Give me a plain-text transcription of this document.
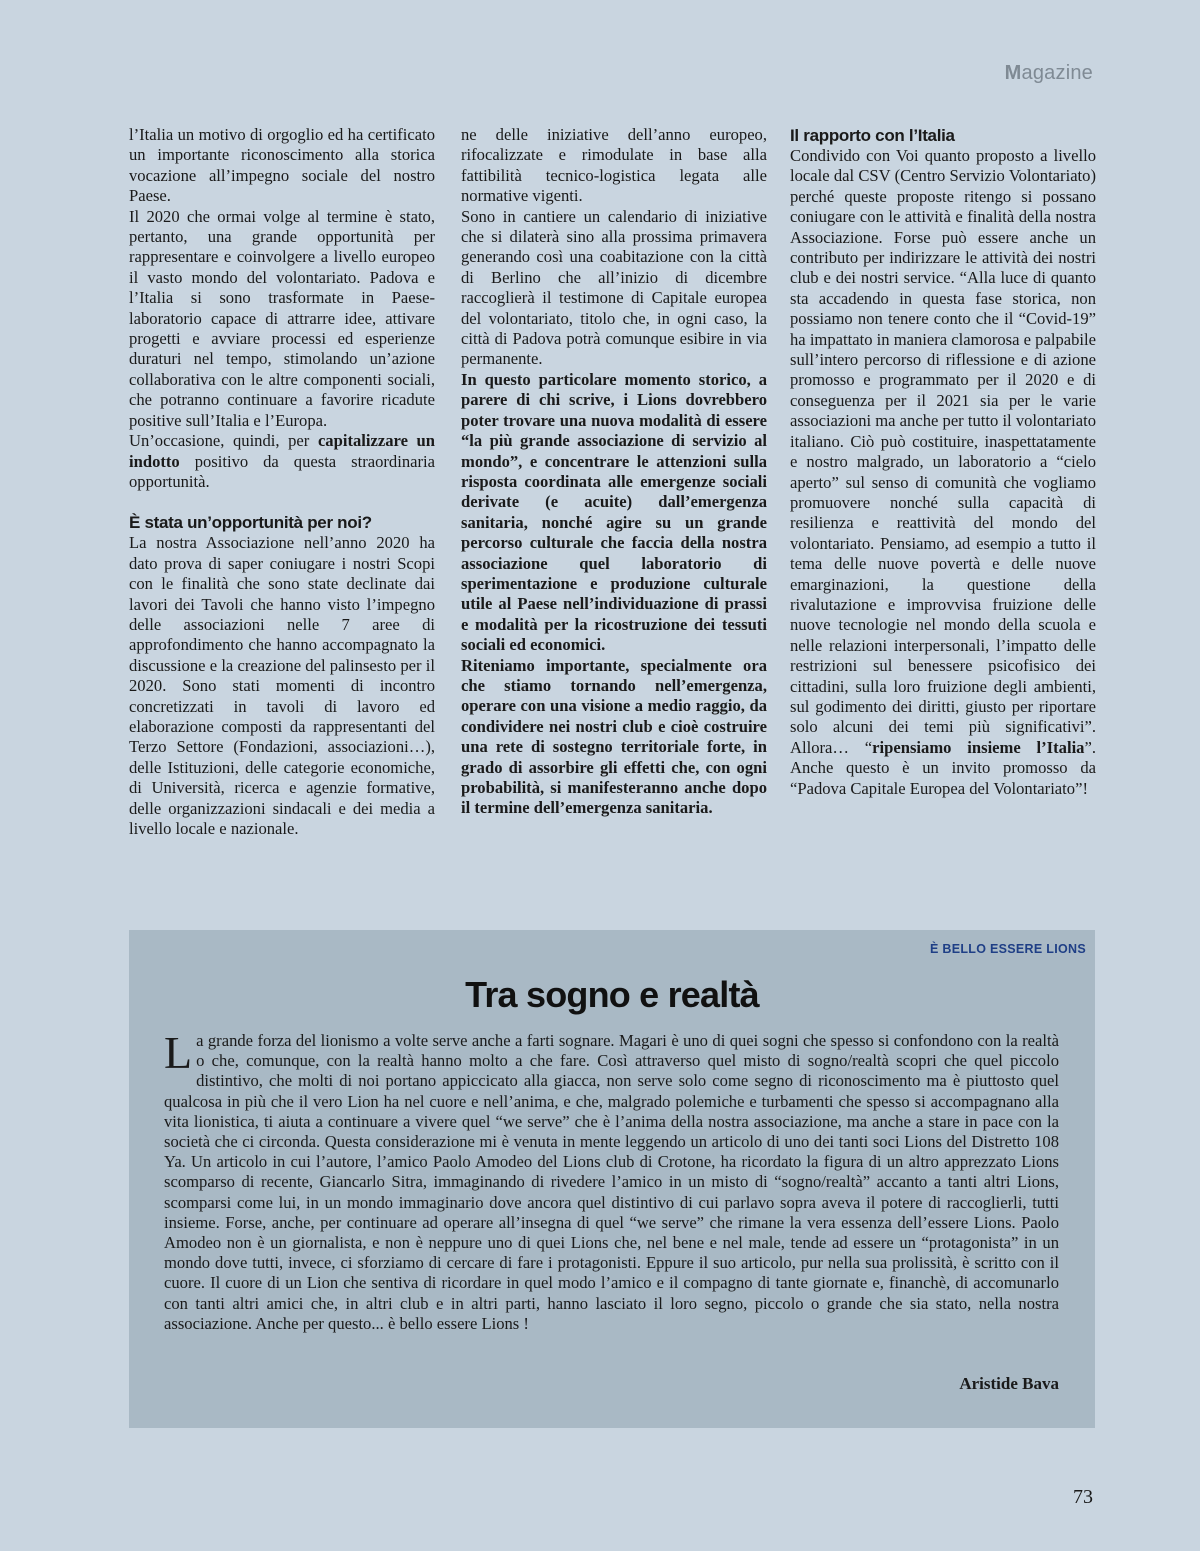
Magazine

l’Italia un motivo di orgoglio ed ha certificato un importante riconoscimento alla storica vocazione all’impegno sociale del nostro Paese.

Il 2020 che ormai volge al termine è stato, pertanto, una grande opportunità per rappresentare e coinvolgere a livello europeo il vasto mondo del volontariato. Padova e l’Italia si sono trasformate in Paese-laboratorio capace di attrarre idee, attivare progetti e avviare processi ed esperienze duraturi nel tempo, stimolando un’azione collaborativa con le altre componenti sociali, che potranno continuare a favorire ricadute positive sull’Italia e l’Europa.

Un’occasione, quindi, per capitalizzare un indotto positivo da questa straordinaria opportunità.

È stata un’opportunità per noi?

La nostra Associazione nell’anno 2020 ha dato prova di saper coniugare i nostri Scopi con le finalità che sono state declinate dai lavori dei Tavoli che hanno visto l’impegno delle associazioni nelle 7 aree di approfondimento che hanno accompagnato la discussione e la creazione del palinsesto per il 2020. Sono stati momenti di incontro concretizzati in tavoli di lavoro ed elaborazione composti da rappresentanti del Terzo Settore (Fondazioni, associazioni…), delle Istituzioni, delle categorie economiche, di Università, ricerca e agenzie formative, delle organizzazioni sindacali e dei media a livello locale e nazionale.

ne delle iniziative dell’anno europeo, rifocalizzate e rimodulate in base alla fattibilità tecnico-logistica legata alle normative vigenti.

Sono in cantiere un calendario di iniziative che si dilaterà sino alla prossima primavera generando così una coabitazione con la città di Berlino che all’inizio di dicembre raccoglierà il testimone di Capitale europea del volontariato, titolo che, in ogni caso, la città di Padova potrà comunque esibire in via permanente.

In questo particolare momento storico, a parere di chi scrive, i Lions dovrebbero poter trovare una nuova modalità di essere “la più grande associazione di servizio al mondo”, e concentrare le attenzioni sulla risposta coordinata alle emergenze sociali derivate (e acuite) dall’emergenza sanitaria, nonché agire su un grande percorso culturale che faccia della nostra associazione quel laboratorio di sperimentazione e produzione culturale utile al Paese nell’individuazione di prassi e modalità per la ricostruzione dei tessuti sociali ed economici.

Riteniamo importante, specialmente ora che stiamo tornando nell’emergenza, operare con una visione a medio raggio, da condividere nei nostri club e cioè costruire una rete di sostegno territoriale forte, in grado di assorbire gli effetti che, con ogni probabilità, si manifesteranno anche dopo il termine dell’emergenza sanitaria.

Il rapporto con l’Italia

Condivido con Voi quanto proposto a livello locale dal CSV (Centro Servizio Volontariato) perché queste proposte ritengo si possano coniugare con le attività e finalità della nostra Associazione. Forse può essere anche un contributo per indirizzare le attività dei nostri club e dei nostri service. “Alla luce di quanto sta accadendo in questa fase storica, non possiamo non tenere conto che il “Covid-19” ha impattato in maniera clamorosa e palpabile sull’intero percorso di riflessione e di azione promosso e programmato per il 2020 e di conseguenza per il 2021 sia per le varie associazioni ma anche per tutto il volontariato italiano. Ciò può costituire, inaspettatamente e nostro malgrado, un laboratorio a “cielo aperto” sul senso di comunità che vogliamo promuovere nonché sulla capacità di resilienza e reattività del mondo del volontariato. Pensiamo, ad esempio a tutto il tema delle nuove povertà e delle nuove emarginazioni, la questione della rivalutazione e improvvisa fruizione delle nuove tecnologie nel mondo della scuola e nelle relazioni interpersonali, l’impatto delle restrizioni sul benessere psicofisico dei cittadini, sulla loro fruizione degli ambienti, sul godimento dei diritti, giusto per riportare solo alcuni dei temi più significativi”. Allora… “ripensiamo insieme l’Italia”. Anche questo è un invito promosso da “Padova Capitale Europea del Volontariato”!

È BELLO ESSERE LIONS
Tra sogno e realtà

La grande forza del lionismo a volte serve anche a farti sognare. Magari è uno di quei sogni che spesso si confondono con la realtà o che, comunque, con la realtà hanno molto a che fare. Così attraverso quel misto di sogno/realtà scopri che quel piccolo distintivo, che molti di noi portano appiccicato alla giacca, non serve solo come segno di riconoscimento ma è piuttosto quel qualcosa in più che il vero Lion ha nel cuore e nell’anima, e che, malgrado polemiche e turbamenti che spesso si accompagnano alla vita lionistica, ti aiuta a continuare a vivere quel “we serve” che è l’anima della nostra associazione, ma anche a stare in pace con la società che ci circonda. Questa considerazione mi è venuta in mente leggendo un articolo di uno dei tanti soci Lions del Distretto 108 Ya. Un articolo in cui l’autore, l’amico Paolo Amodeo del Lions club di Crotone, ha ricordato la figura di un altro apprezzato Lions scomparso di recente, Giancarlo Sitra, immaginando di rivedere l’amico in un misto di “sogno/realtà” accanto a tanti altri Lions, scomparsi come lui, in un mondo immaginario dove ancora quel distintivo di cui parlavo sopra aveva il potere di raccoglierli, tutti insieme. Forse, anche, per continuare ad operare all’insegna di quel “we serve” che rimane la vera essenza dell’essere Lions. Paolo Amodeo non è un giornalista, e non è neppure uno di quei Lions che, nel bene e nel male, tende ad essere un “protagonista” in un mondo dove tutti, invece, ci sforziamo di cercare di fare i protagonisti. Eppure il suo articolo, pur nella sua prolissità, è scritto con il cuore. Il cuore di un Lion che sentiva di ricordare in quel modo l’amico e il compagno di tante giornate e, financhè, di accomunarlo con tanti altri amici che, in altri club e in altri parti, hanno lasciato il loro segno, piccolo o grande che sia stato, nella nostra associazione. Anche per questo... è bello essere Lions !

Aristide Bava
73
